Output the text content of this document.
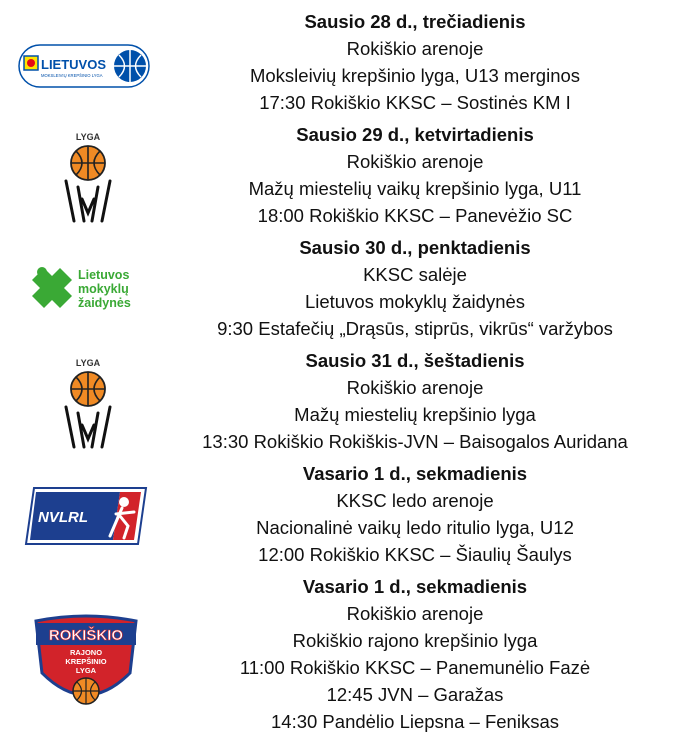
LIETUVOS
MOKSLEIVIŲ KREPŠINIO LYGA
Sausio 28 d., trečiadienis
Rokiškio arenoje
Moksleivių krepšinio lyga, U13 merginos
17:30 Rokiškio KKSC – Sostinės KM I
LYGA	Sausio 29 d., ketvirtadienis
Rokiškio arenoje
Mažų miestelių vaikų krepšinio lyga, U11
18:00 Rokiškio KKSC – Panevėžio SC
Lietuvos
mokyklų
žaidynės
Sausio 30 d., penktadienis
KKSC salėje
Lietuvos mokyklų žaidynės
9:30 Estafečių „Drąsūs, stiprūs, vikrūs“ varžybos
LYGA	Sausio 31 d., šeštadienis
Rokiškio arenoje
Mažų miestelių krepšinio lyga
13:30 Rokiškio Rokiškis-JVN – Baisogalos Auridana
NVLRL
Vasario 1 d., sekmadienis
KKSC ledo arenoje
Nacionalinė vaikų ledo ritulio lyga, U12
12:00 Rokiškio KKSC – Šiaulių Šaulys
ROKIŠKIO
RAJONO
KREPŠINIO
LYGA
Vasario 1 d., sekmadienis
Rokiškio arenoje
Rokiškio rajono krepšinio lyga
11:00 Rokiškio KKSC – Panemunėlio Fazė
12:45 JVN – Garažas
14:30 Pandėlio Liepsna – Feniksas
